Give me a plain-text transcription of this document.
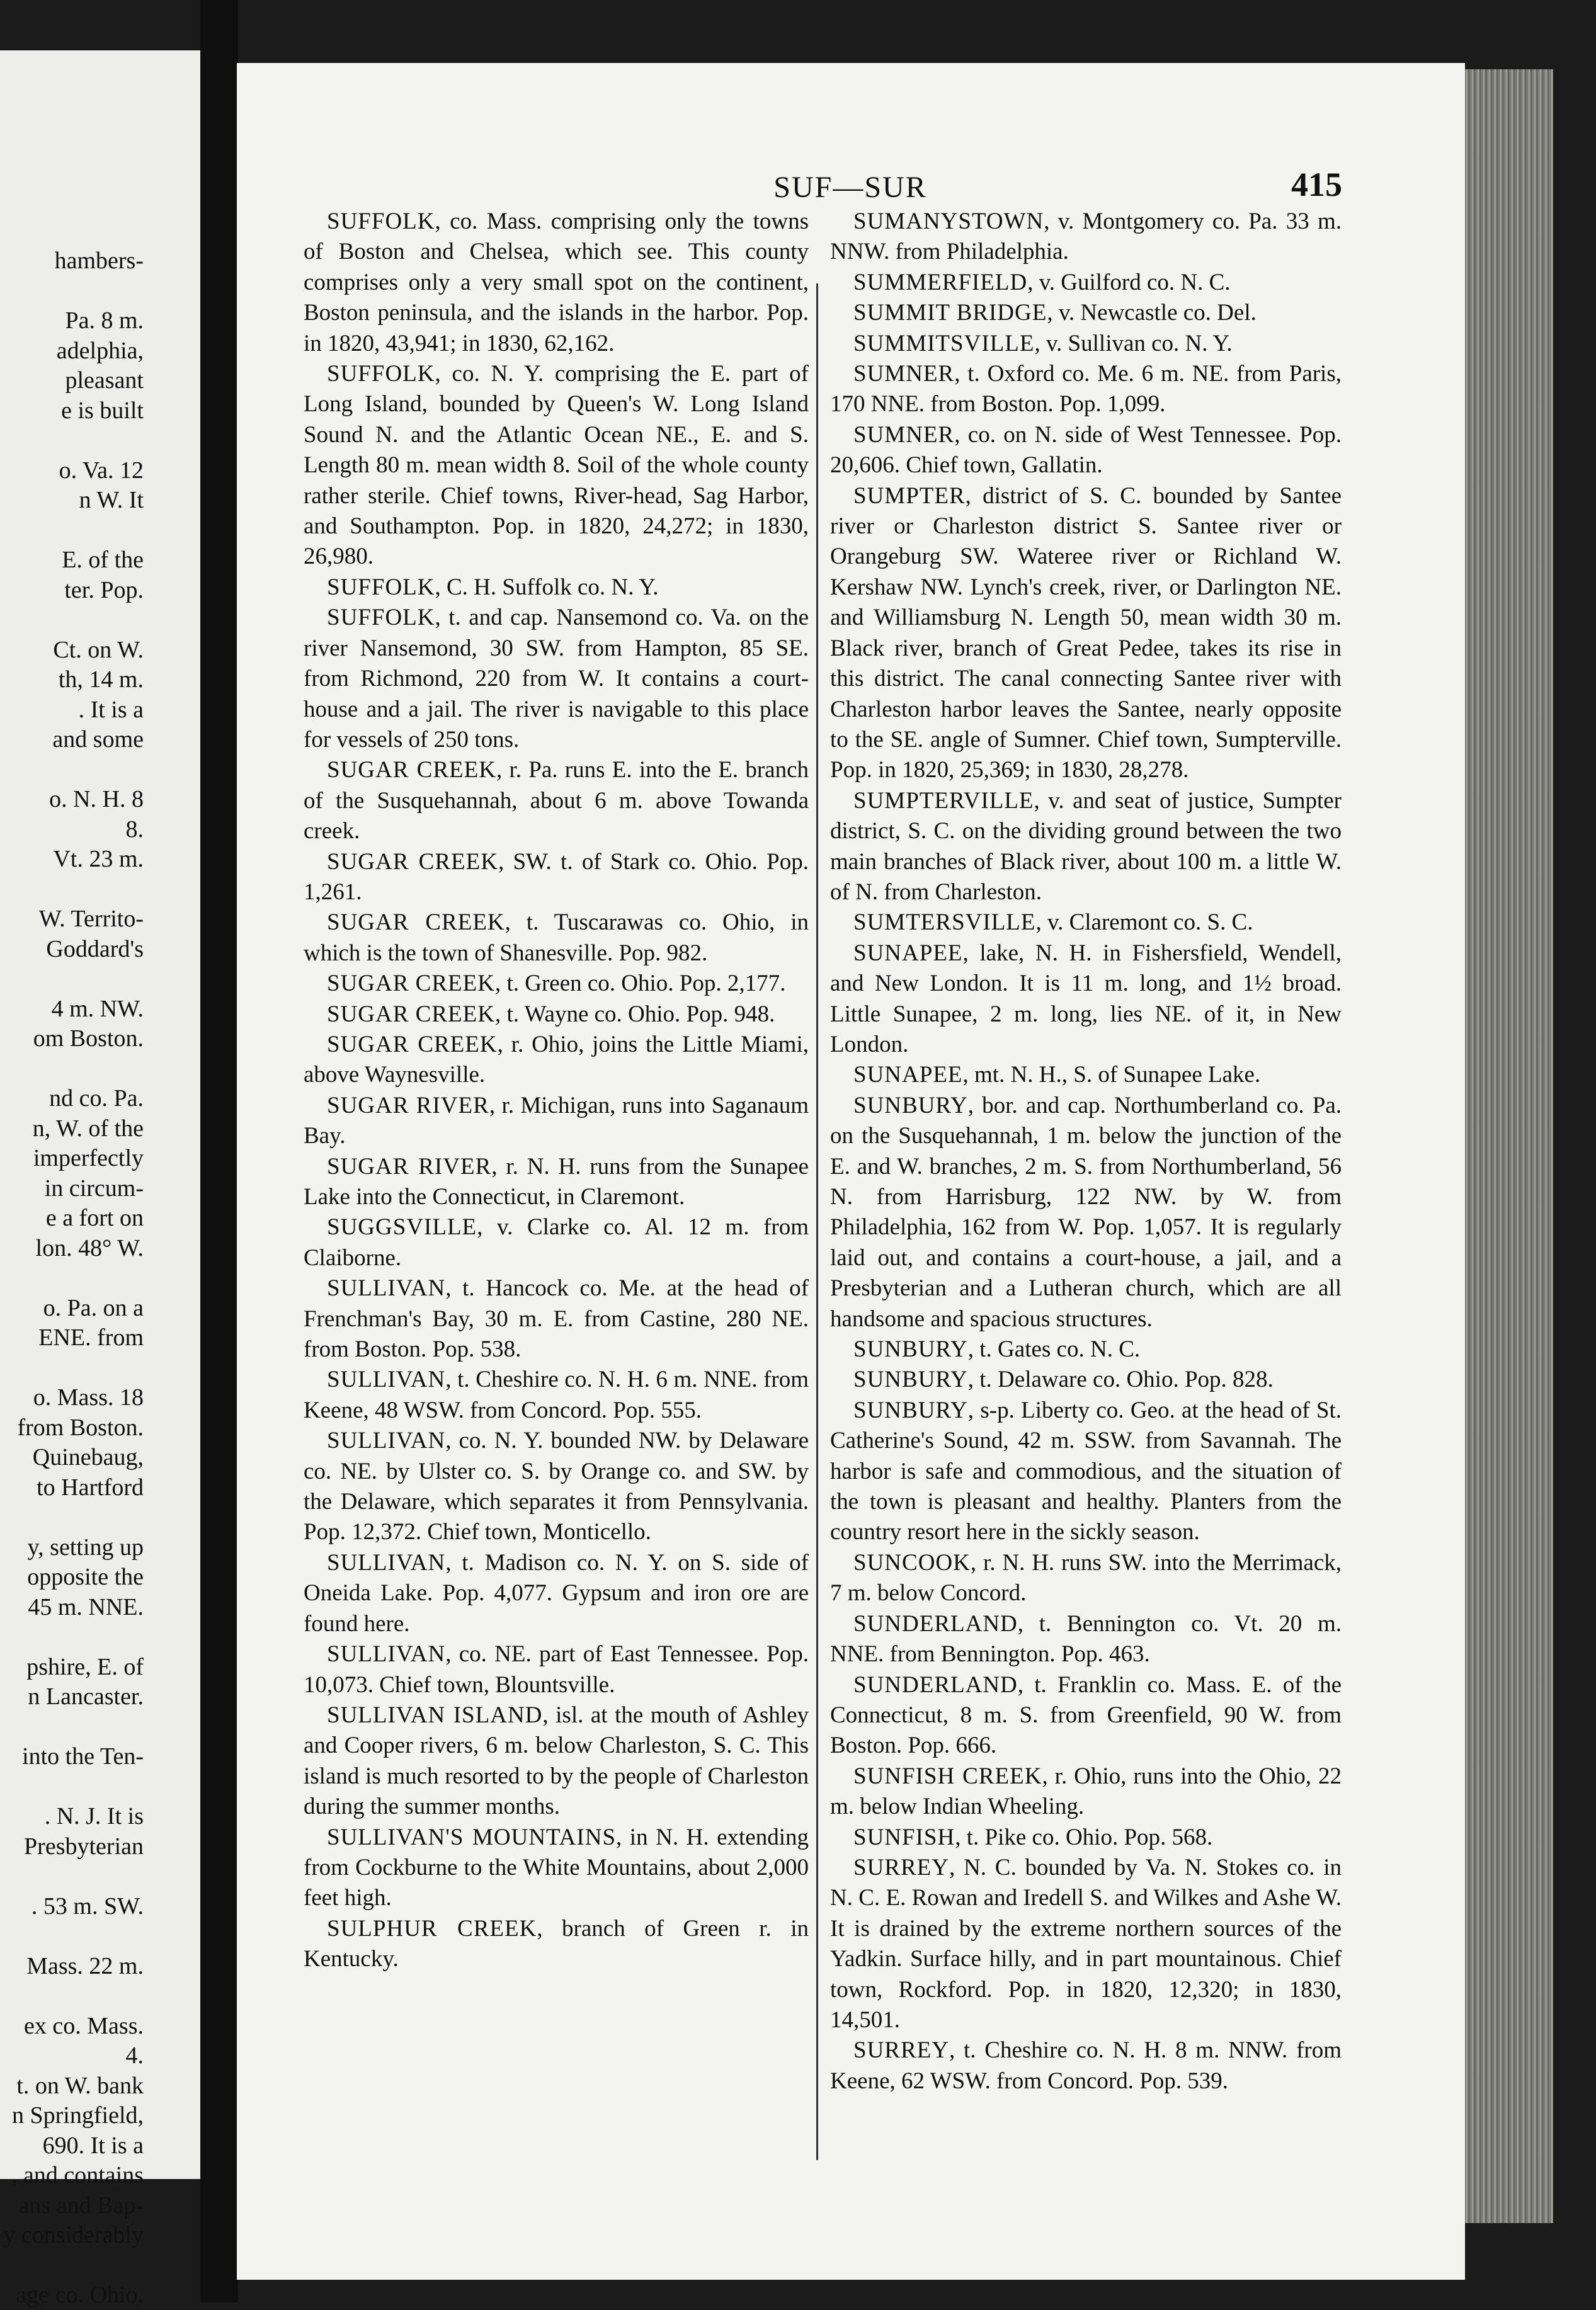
hambers-
Pa. 8 m.
adelphia,
pleasant
e is built
o. Va. 12
n W. It
E. of the
ter. Pop.
Ct. on W.
th, 14 m.
. It is a
and some
o. N. H. 8
8.
Vt. 23 m.
W. Territo-
Goddard's
4 m. NW.
om Boston.
nd co. Pa.
n, W. of the
imperfectly
in circum-
e a fort on
lon. 48° W.
o. Pa. on a
ENE. from
o. Mass. 18
from Boston.
Quinebaug,
to Hartford
y, setting up
opposite the
45 m. NNE.
pshire, E. of
n Lancaster.
into the Ten-
. N. J. It is
Presbyterian
. 53 m. SW.
Mass. 22 m.
ex co. Mass.
4.
t. on W. bank
n Springfield,
690. It is a
, and contains
ans and Bap-
y considerably
age co. Ohio.
SUF—SUR	415

 SUFFOLK, co. Mass. comprising only the towns of Boston and Chelsea, which see. This county comprises only a very small spot on the continent, Boston peninsula, and the islands in the harbor. Pop. in 1820, 43,941; in 1830, 62,162.

 SUFFOLK, co. N. Y. comprising the E. part of Long Island, bounded by Queen's W. Long Island Sound N. and the Atlantic Ocean NE., E. and S. Length 80 m. mean width 8. Soil of the whole county rather sterile. Chief towns, River-head, Sag Harbor, and Southampton. Pop. in 1820, 24,272; in 1830, 26,980.

 SUFFOLK, C. H. Suffolk co. N. Y.

 SUFFOLK, t. and cap. Nansemond co. Va. on the river Nansemond, 30 SW. from Hampton, 85 SE. from Richmond, 220 from W. It contains a court-house and a jail. The river is navigable to this place for vessels of 250 tons.

 SUGAR CREEK, r. Pa. runs E. into the E. branch of the Susquehannah, about 6 m. above Towanda creek.

 SUGAR CREEK, SW. t. of Stark co. Ohio. Pop. 1,261.

 SUGAR CREEK, t. Tuscarawas co. Ohio, in which is the town of Shanesville. Pop. 982.

 SUGAR CREEK, t. Green co. Ohio. Pop. 2,177.

 SUGAR CREEK, t. Wayne co. Ohio. Pop. 948.

 SUGAR CREEK, r. Ohio, joins the Little Miami, above Waynesville.

 SUGAR RIVER, r. Michigan, runs into Saganaum Bay.

 SUGAR RIVER, r. N. H. runs from the Sunapee Lake into the Connecticut, in Claremont.

 SUGGSVILLE, v. Clarke co. Al. 12 m. from Claiborne.

 SULLIVAN, t. Hancock co. Me. at the head of Frenchman's Bay, 30 m. E. from Castine, 280 NE. from Boston. Pop. 538.

 SULLIVAN, t. Cheshire co. N. H. 6 m. NNE. from Keene, 48 WSW. from Concord. Pop. 555.

 SULLIVAN, co. N. Y. bounded NW. by Delaware co. NE. by Ulster co. S. by Orange co. and SW. by the Delaware, which separates it from Pennsylvania. Pop. 12,372. Chief town, Monticello.

 SULLIVAN, t. Madison co. N. Y. on S. side of Oneida Lake. Pop. 4,077. Gypsum and iron ore are found here.

 SULLIVAN, co. NE. part of East Tennessee. Pop. 10,073. Chief town, Blountsville.

 SULLIVAN ISLAND, isl. at the mouth of Ashley and Cooper rivers, 6 m. below Charleston, S. C. This island is much resorted to by the people of Charleston during the summer months.

 SULLIVAN'S MOUNTAINS, in N. H. extending from Cockburne to the White Mountains, about 2,000 feet high.

 SULPHUR CREEK, branch of Green r. in Kentucky.

 SUMANYSTOWN, v. Montgomery co. Pa. 33 m. NNW. from Philadelphia.

 SUMMERFIELD, v. Guilford co. N. C.

 SUMMIT BRIDGE, v. Newcastle co. Del.

 SUMMITSVILLE, v. Sullivan co. N. Y.

 SUMNER, t. Oxford co. Me. 6 m. NE. from Paris, 170 NNE. from Boston. Pop. 1,099.

 SUMNER, co. on N. side of West Tennessee. Pop. 20,606. Chief town, Gallatin.

 SUMPTER, district of S. C. bounded by Santee river or Charleston district S. Santee river or Orangeburg SW. Wateree river or Richland W. Kershaw NW. Lynch's creek, river, or Darlington NE. and Williamsburg N. Length 50, mean width 30 m. Black river, branch of Great Pedee, takes its rise in this district. The canal connecting Santee river with Charleston harbor leaves the Santee, nearly opposite to the SE. angle of Sumner. Chief town, Sumpterville. Pop. in 1820, 25,369; in 1830, 28,278.

 SUMPTERVILLE, v. and seat of justice, Sumpter district, S. C. on the dividing ground between the two main branches of Black river, about 100 m. a little W. of N. from Charleston.

 SUMTERSVILLE, v. Claremont co. S. C.

 SUNAPEE, lake, N. H. in Fishersfield, Wendell, and New London. It is 11 m. long, and 1½ broad. Little Sunapee, 2 m. long, lies NE. of it, in New London.

 SUNAPEE, mt. N. H., S. of Sunapee Lake.

 SUNBURY, bor. and cap. Northumberland co. Pa. on the Susquehannah, 1 m. below the junction of the E. and W. branches, 2 m. S. from Northumberland, 56 N. from Harrisburg, 122 NW. by W. from Philadelphia, 162 from W. Pop. 1,057. It is regularly laid out, and contains a court-house, a jail, and a Presbyterian and a Lutheran church, which are all handsome and spacious structures.

 SUNBURY, t. Gates co. N. C.

 SUNBURY, t. Delaware co. Ohio. Pop. 828.

 SUNBURY, s-p. Liberty co. Geo. at the head of St. Catherine's Sound, 42 m. SSW. from Savannah. The harbor is safe and commodious, and the situation of the town is pleasant and healthy. Planters from the country resort here in the sickly season.

 SUNCOOK, r. N. H. runs SW. into the Merrimack, 7 m. below Concord.

 SUNDERLAND, t. Bennington co. Vt. 20 m. NNE. from Bennington. Pop. 463.

 SUNDERLAND, t. Franklin co. Mass. E. of the Connecticut, 8 m. S. from Greenfield, 90 W. from Boston. Pop. 666.

 SUNFISH CREEK, r. Ohio, runs into the Ohio, 22 m. below Indian Wheeling.

 SUNFISH, t. Pike co. Ohio. Pop. 568.

 SURREY, N. C. bounded by Va. N. Stokes co. in N. C. E. Rowan and Iredell S. and Wilkes and Ashe W. It is drained by the extreme northern sources of the Yadkin. Surface hilly, and in part mountainous. Chief town, Rockford. Pop. in 1820, 12,320; in 1830, 14,501.

 SURREY, t. Cheshire co. N. H. 8 m. NNW. from Keene, 62 WSW. from Concord. Pop. 539.
